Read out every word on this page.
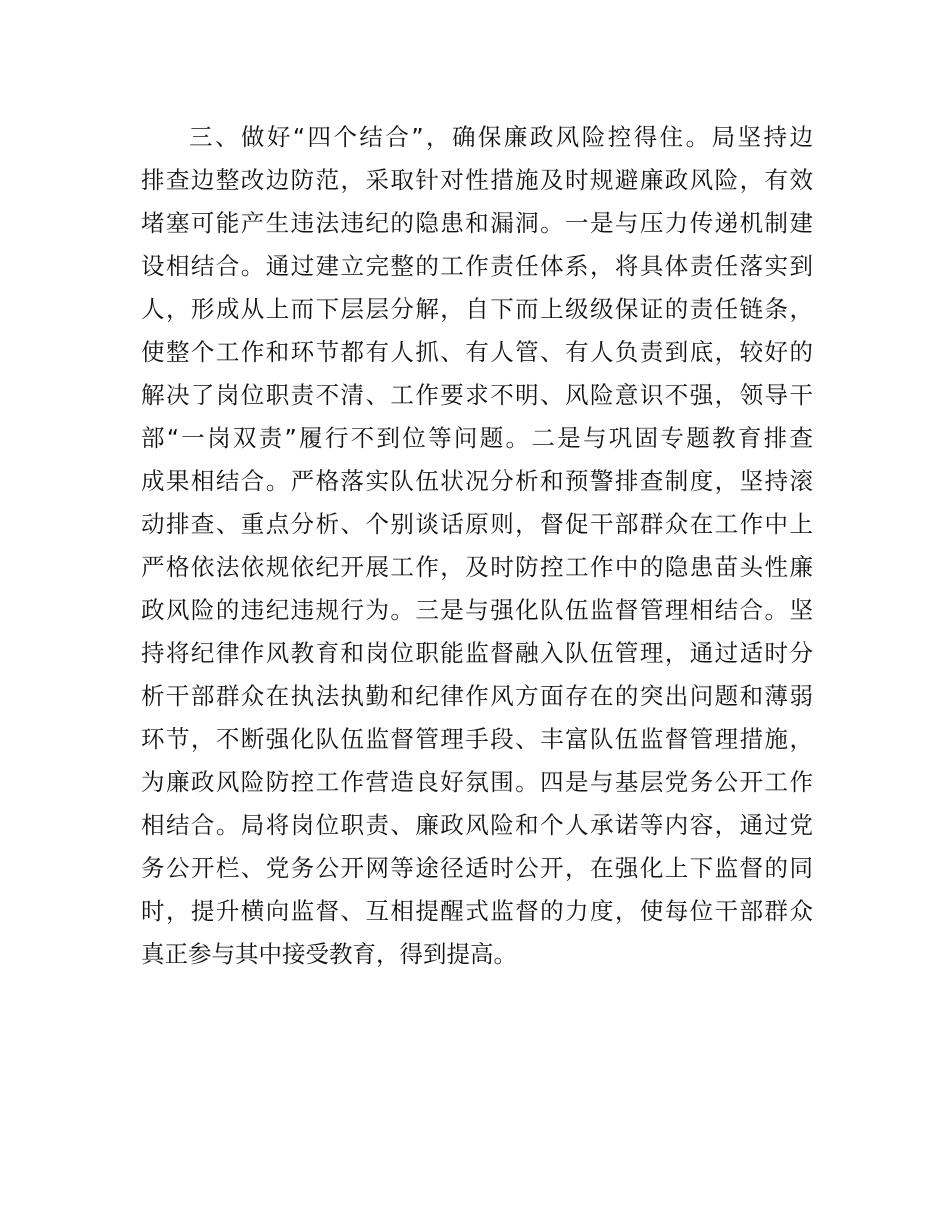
三、做好“四个结合”，确保廉政风险控得住。局坚持边
排查边整改边防范，采取针对性措施及时规避廉政风险，有效
堵塞可能产生违法违纪的隐患和漏洞。一是与压力传递机制建
设相结合。通过建立完整的工作责任体系，将具体责任落实到
人，形成从上而下层层分解，自下而上级级保证的责任链条，
使整个工作和环节都有人抓、有人管、有人负责到底，较好的
解决了岗位职责不清、工作要求不明、风险意识不强，领导干
部“一岗双责”履行不到位等问题。二是与巩固专题教育排查
成果相结合。严格落实队伍状况分析和预警排查制度，坚持滚
动排查、重点分析、个别谈话原则，督促干部群众在工作中上
严格依法依规依纪开展工作，及时防控工作中的隐患苗头性廉
政风险的违纪违规行为。三是与强化队伍监督管理相结合。坚
持将纪律作风教育和岗位职能监督融入队伍管理，通过适时分
析干部群众在执法执勤和纪律作风方面存在的突出问题和薄弱
环节，不断强化队伍监督管理手段、丰富队伍监督管理措施，
为廉政风险防控工作营造良好氛围。四是与基层党务公开工作
相结合。局将岗位职责、廉政风险和个人承诺等内容，通过党
务公开栏、党务公开网等途径适时公开，在强化上下监督的同
时，提升横向监督、互相提醒式监督的力度，使每位干部群众
真正参与其中接受教育，得到提高。
